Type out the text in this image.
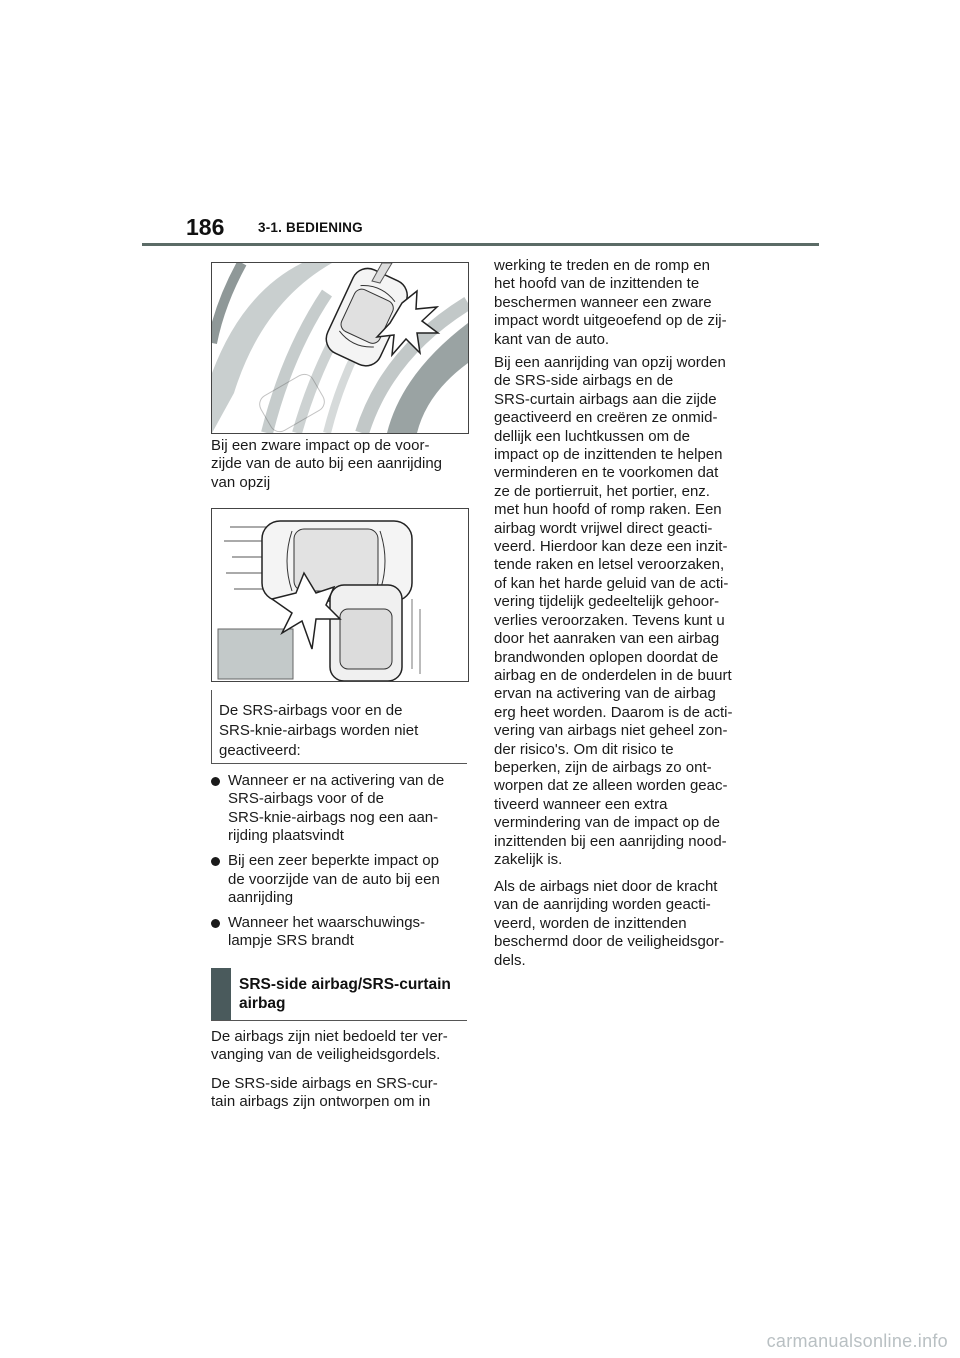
186 3-1. BEDIENING
Bij een zware impact op de voor-
zijde van de auto bij een aanrijding
van opzij
De SRS-airbags voor en de
SRS-knie-airbags worden niet
geactiveerd:
Wanneer er na activering van de
SRS-airbags voor of de
SRS-knie-airbags nog een aan-
rijding plaatsvindt
Bij een zeer beperkte impact op
de voorzijde van de auto bij een
aanrijding
Wanneer het waarschuwings-
lampje SRS brandt
SRS-side airbag/SRS-curtain
airbag

De airbags zijn niet bedoeld ter ver-
vanging van de veiligheidsgordels.

De SRS-side airbags en SRS-cur-
tain airbags zijn ontworpen om in

werking te treden en de romp en
het hoofd van de inzittenden te
beschermen wanneer een zware
impact wordt uitgeoefend op de zij-
kant van de auto.

Bij een aanrijding van opzij worden
de SRS-side airbags en de
SRS-curtain airbags aan die zijde
geactiveerd en creëren ze onmid-
dellijk een luchtkussen om de
impact op de inzittenden te helpen
verminderen en te voorkomen dat
ze de portierruit, het portier, enz.
met hun hoofd of romp raken. Een
airbag wordt vrijwel direct geacti-
veerd. Hierdoor kan deze een inzit-
tende raken en letsel veroorzaken,
of kan het harde geluid van de acti-
vering tijdelijk gedeeltelijk gehoor-
verlies veroorzaken. Tevens kunt u
door het aanraken van een airbag
brandwonden oplopen doordat de
airbag en de onderdelen in de buurt
ervan na activering van de airbag
erg heet worden. Daarom is de acti-
vering van airbags niet geheel zon-
der risico's. Om dit risico te
beperken, zijn de airbags zo ont-
worpen dat ze alleen worden geac-
tiveerd wanneer een extra
vermindering van de impact op de
inzittenden bij een aanrijding nood-
zakelijk is.

Als de airbags niet door de kracht
van de aanrijding worden geacti-
veerd, worden de inzittenden
beschermd door de veiligheidsgor-
dels.

carmanualsonline.info
